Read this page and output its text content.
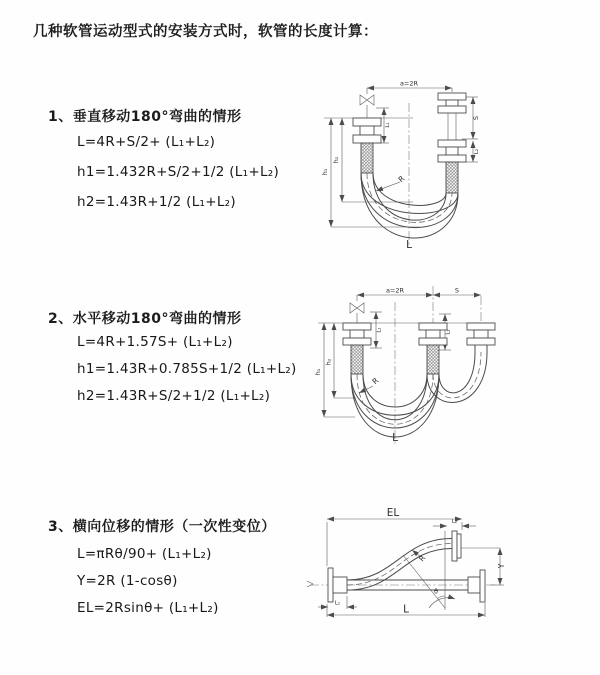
几种软管运动型式的安装方式时，软管的长度计算：
1、垂直移动180°弯曲的情形
L=4R+S/2+ (L₁+L₂)
h1=1.432R+S/2+1/2 (L₁+L₂)
h2=1.43R+1/2 (L₁+L₂)
2、水平移动180°弯曲的情形
L=4R+1.57S+ (L₁+L₂)
h1=1.43R+0.785S+1/2 (L₁+L₂)
h2=1.43R+S/2+1/2 (L₁+L₂)
3、横向位移的情形（一次性变位）
L=πRθ/90+ (L₁+L₂)
Y=2R (1-cosθ)
EL=2Rsinθ+ (L₁+L₂)
a=2R
S
L₂
L₁
h₁
h₂
R
L
a=2R	S
h₁
h₂
L₁	L₂
R
L
EL
L₂
Y
R
θ
L
L₁
